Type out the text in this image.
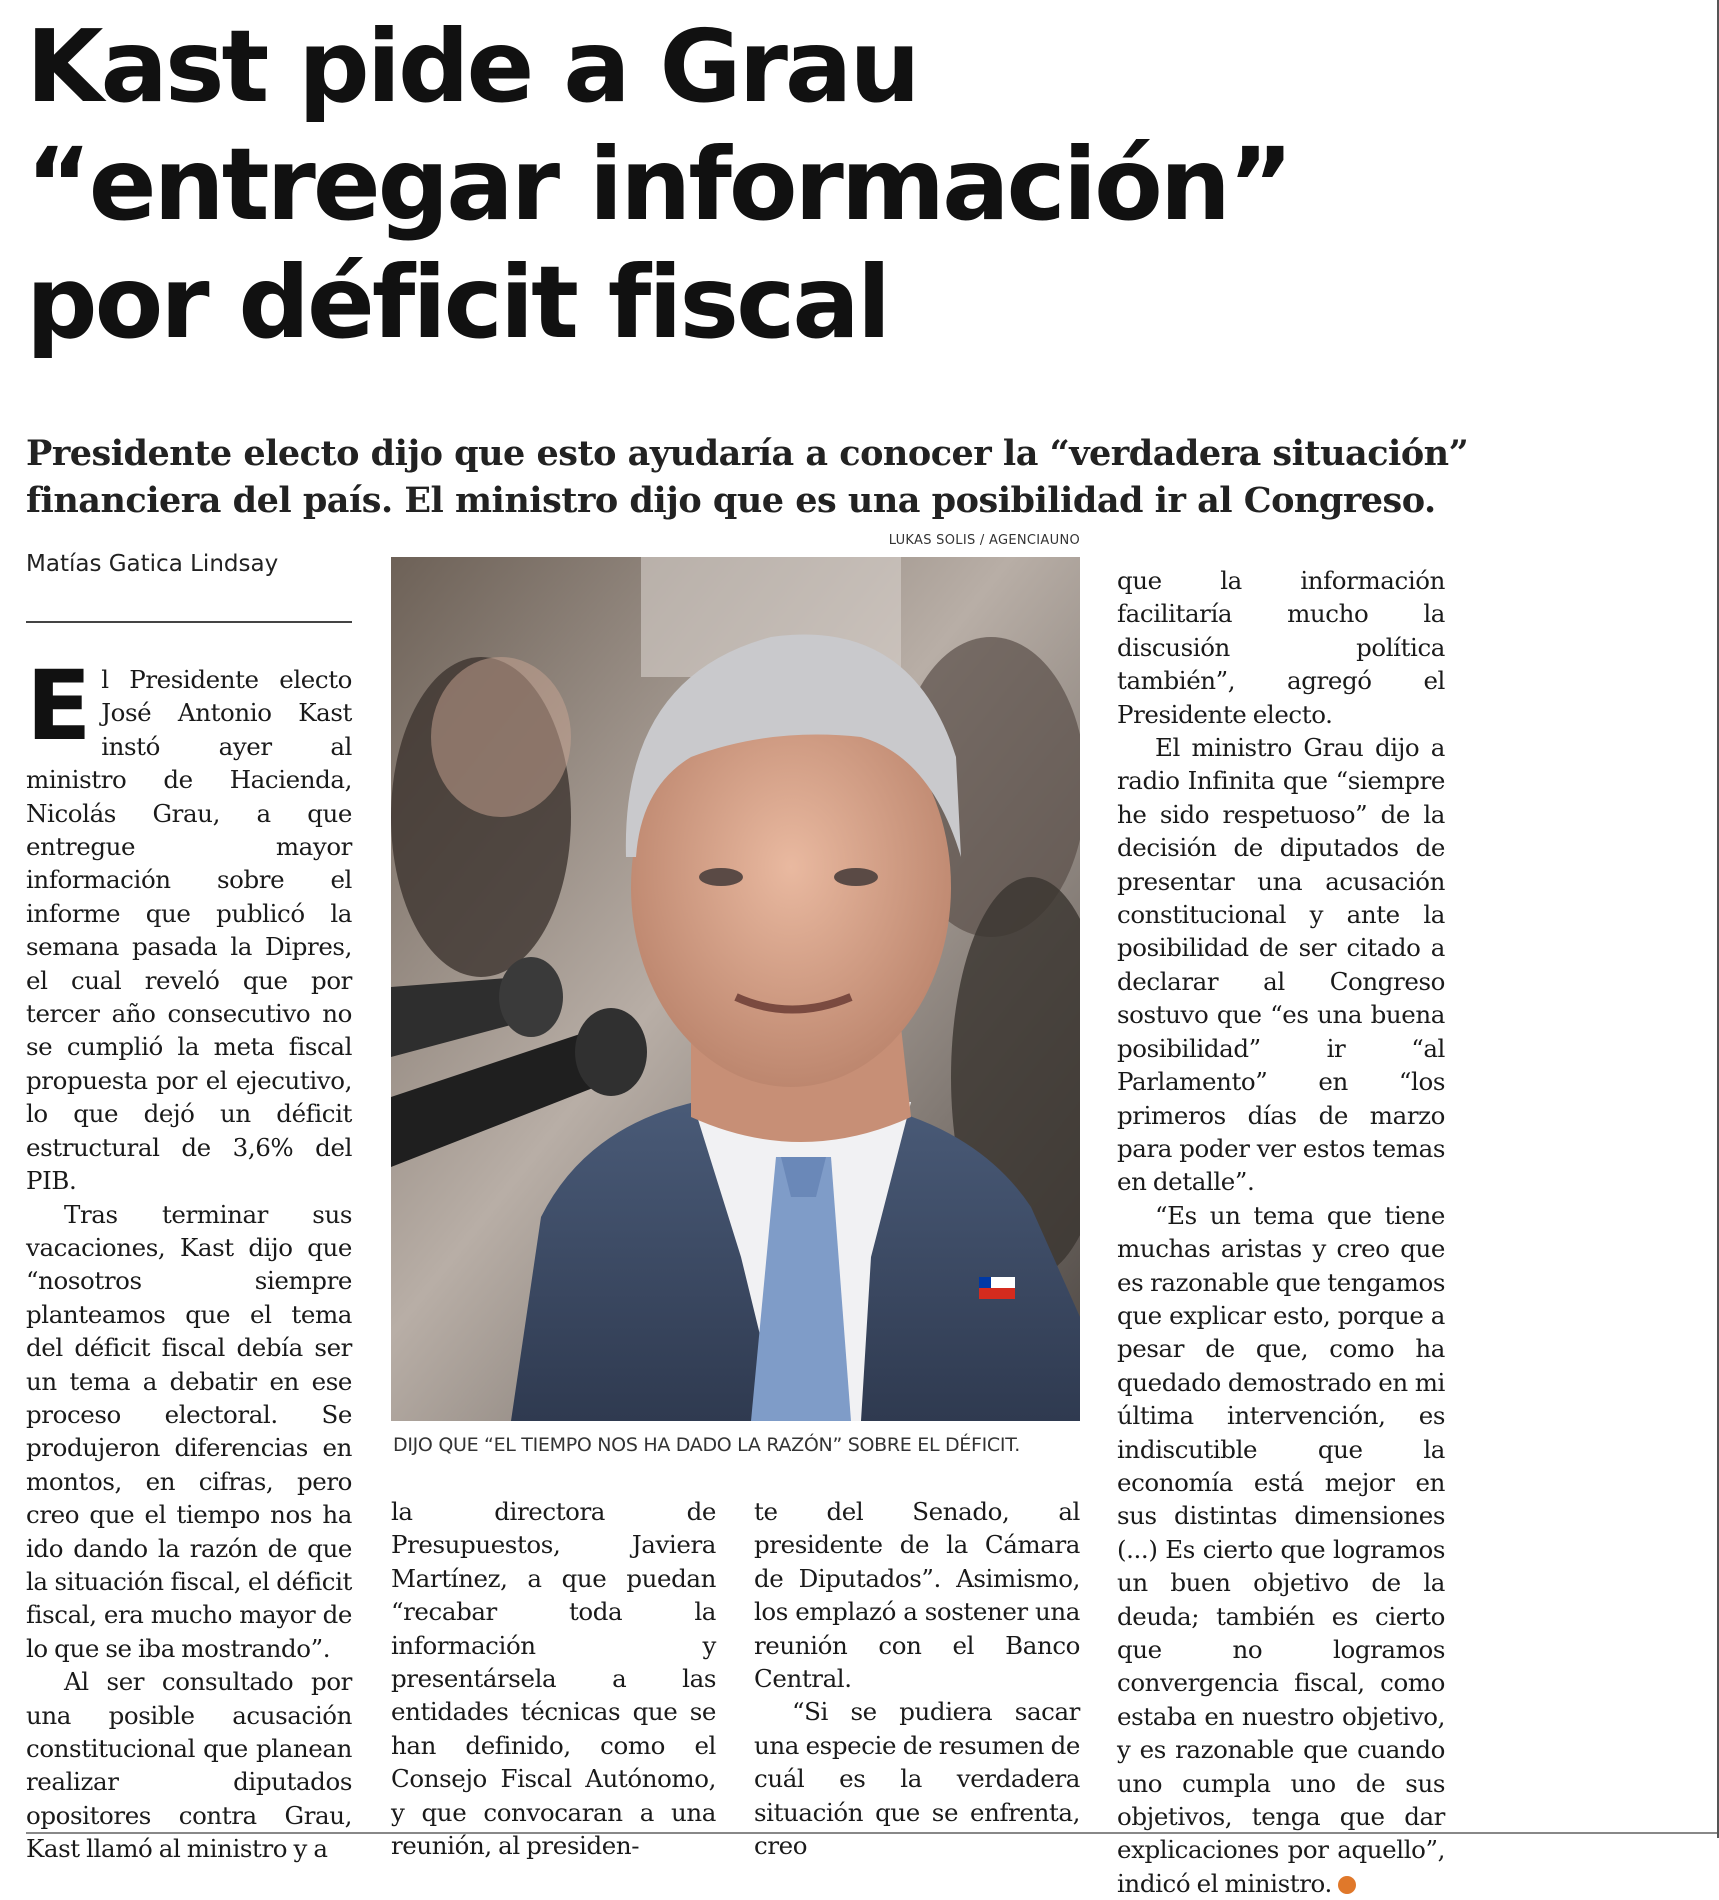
Kast pide a Grau
“entregar información”
por déficit fiscal
Presidente electo dijo que esto ayudaría a conocer la “verdadera situación”
financiera del país. El ministro dijo que es una posibilidad ir al Congreso.
Matías Gatica Lindsay
LUKAS SOLIS / AGENCIAUNO
DIJO QUE “EL TIEMPO NOS HA DADO LA RAZÓN” SOBRE EL DÉFICIT.

El Presidente electo José Antonio Kast instó ayer al ministro de Hacienda, Nicolás Grau, a que entregue mayor información sobre el informe que publicó la semana pasada la Dipres, el cual reveló que por tercer año consecutivo no se cumplió la meta fiscal propuesta por el ejecutivo, lo que dejó un déficit estructural de 3,6% del PIB.

Tras terminar sus vacaciones, Kast dijo que “nosotros siempre planteamos que el tema del déficit fiscal debía ser un tema a debatir en ese proceso electoral. Se produjeron diferencias en montos, en cifras, pero creo que el tiempo nos ha ido dando la razón de que la situación fiscal, el déficit fiscal, era mucho mayor de lo que se iba mostrando”.

Al ser consultado por una posible acusación constitucional que planean realizar diputados opositores contra Grau, Kast llamó al ministro y a

la directora de Presupuestos, Javiera Martínez, a que puedan “recabar toda la información y presentársela a las entidades técnicas que se han definido, como el Consejo Fiscal Autónomo, y que convocaran a una reunión, al presiden-

te del Senado, al presidente de la Cámara de Diputados”. Asimismo, los emplazó a sostener una reunión con el Banco Central.

“Si se pudiera sacar una especie de resumen de cuál es la verdadera situación que se enfrenta, creo

que la información facilitaría mucho la discusión política también”, agregó el Presidente electo.

El ministro Grau dijo a radio Infinita que “siempre he sido respetuoso” de la decisión de diputados de presentar una acusación constitucional y ante la posibilidad de ser citado a declarar al Congreso sostuvo que “es una buena posibilidad” ir “al Parlamento” en “los primeros días de marzo para poder ver estos temas en detalle”.

“Es un tema que tiene muchas aristas y creo que es razonable que tengamos que explicar esto, porque a pesar de que, como ha quedado demostrado en mi última intervención, es indiscutible que la economía está mejor en sus distintas dimensiones (...) Es cierto que logramos un buen objetivo de la deuda; también es cierto que no logramos convergencia fiscal, como estaba en nuestro objetivo, y es razonable que cuando uno cumpla uno de sus objetivos, tenga que dar explicaciones por aquello”, indicó el ministro.	✪
